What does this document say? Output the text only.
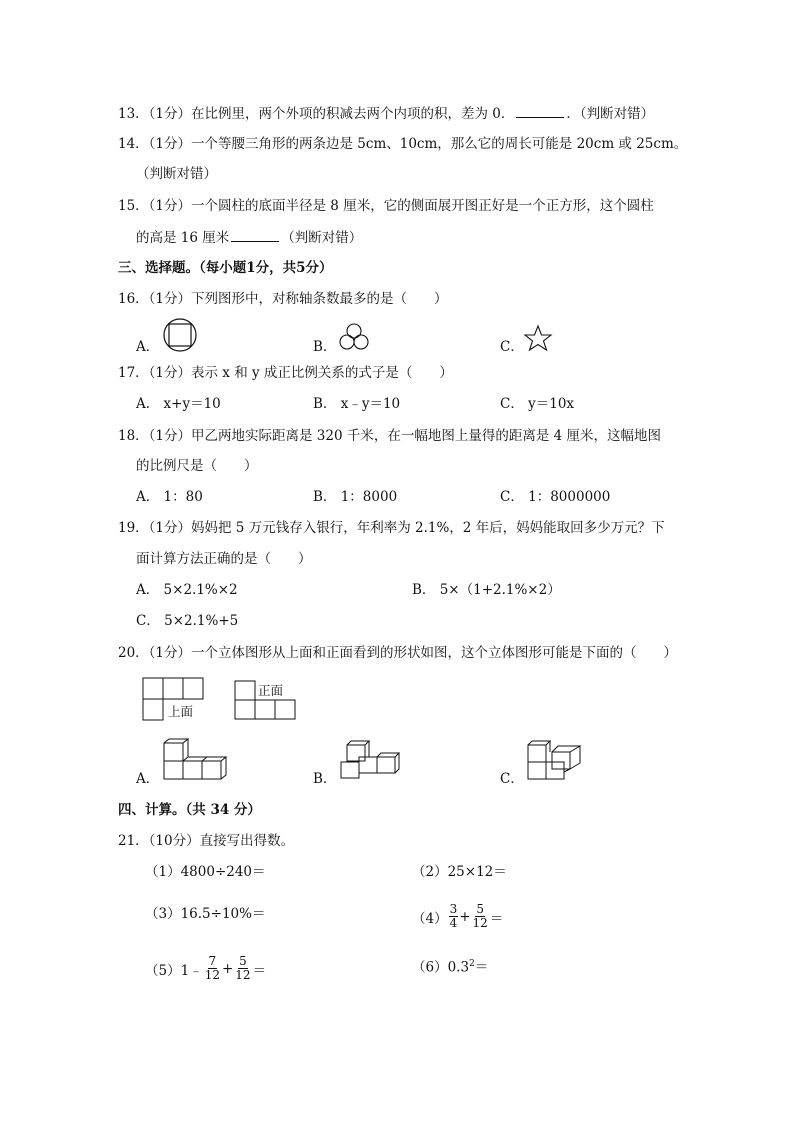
13．（1分）在比例里，两个外项的积减去两个内项的积，差为 0．	．（判断对错）
14．（1分）一个等腰三角形的两条边是 5cm、10cm，那么它的周长可能是 20cm 或 25cm。
（判断对错）
15．（1分）一个圆柱的底面半径是 8 厘米，它的侧面展开图正好是一个正方形，这个圆柱
的高是 16 厘米	（判断对错）
三、选择题。（每小题1分，共5分）
16．（1分）下列图形中，对称轴条数最多的是（　　）
A．	B．	C．
17．（1分）表示 x 和 y 成正比例关系的式子是（　　）
A． x+y＝10	B． x﹣y＝10	C． y＝10x
18．（1分）甲乙两地实际距离是 320 千米，在一幅地图上量得的距离是 4 厘米，这幅地图
的比例尺是（　　）
A． 1：80	B． 1：8000	C． 1：8000000
19．（1分）妈妈把 5 万元钱存入银行，年利率为 2.1%，2 年后，妈妈能取回多少万元？下
面计算方法正确的是（　　）
A． 5×2.1%×2	B． 5×（1+2.1%×2）
C． 5×2.1%+5
20．（1分）一个立体图形从上面和正面看到的形状如图，这个立体图形可能是下面的（　　）
上面
正面
A．	B．	C．
四、计算。（共 34 分）
21．（10分）直接写出得数。
（1）4800÷240＝	（2）25×12＝
（3）16.5÷10%＝	$(4) \frac{3}{4} + \frac{5}{12}$ ＝
（5）1﹣ $\frac{7}{12} + \frac{5}{12}$ ＝	$(6)0.3^2=$
